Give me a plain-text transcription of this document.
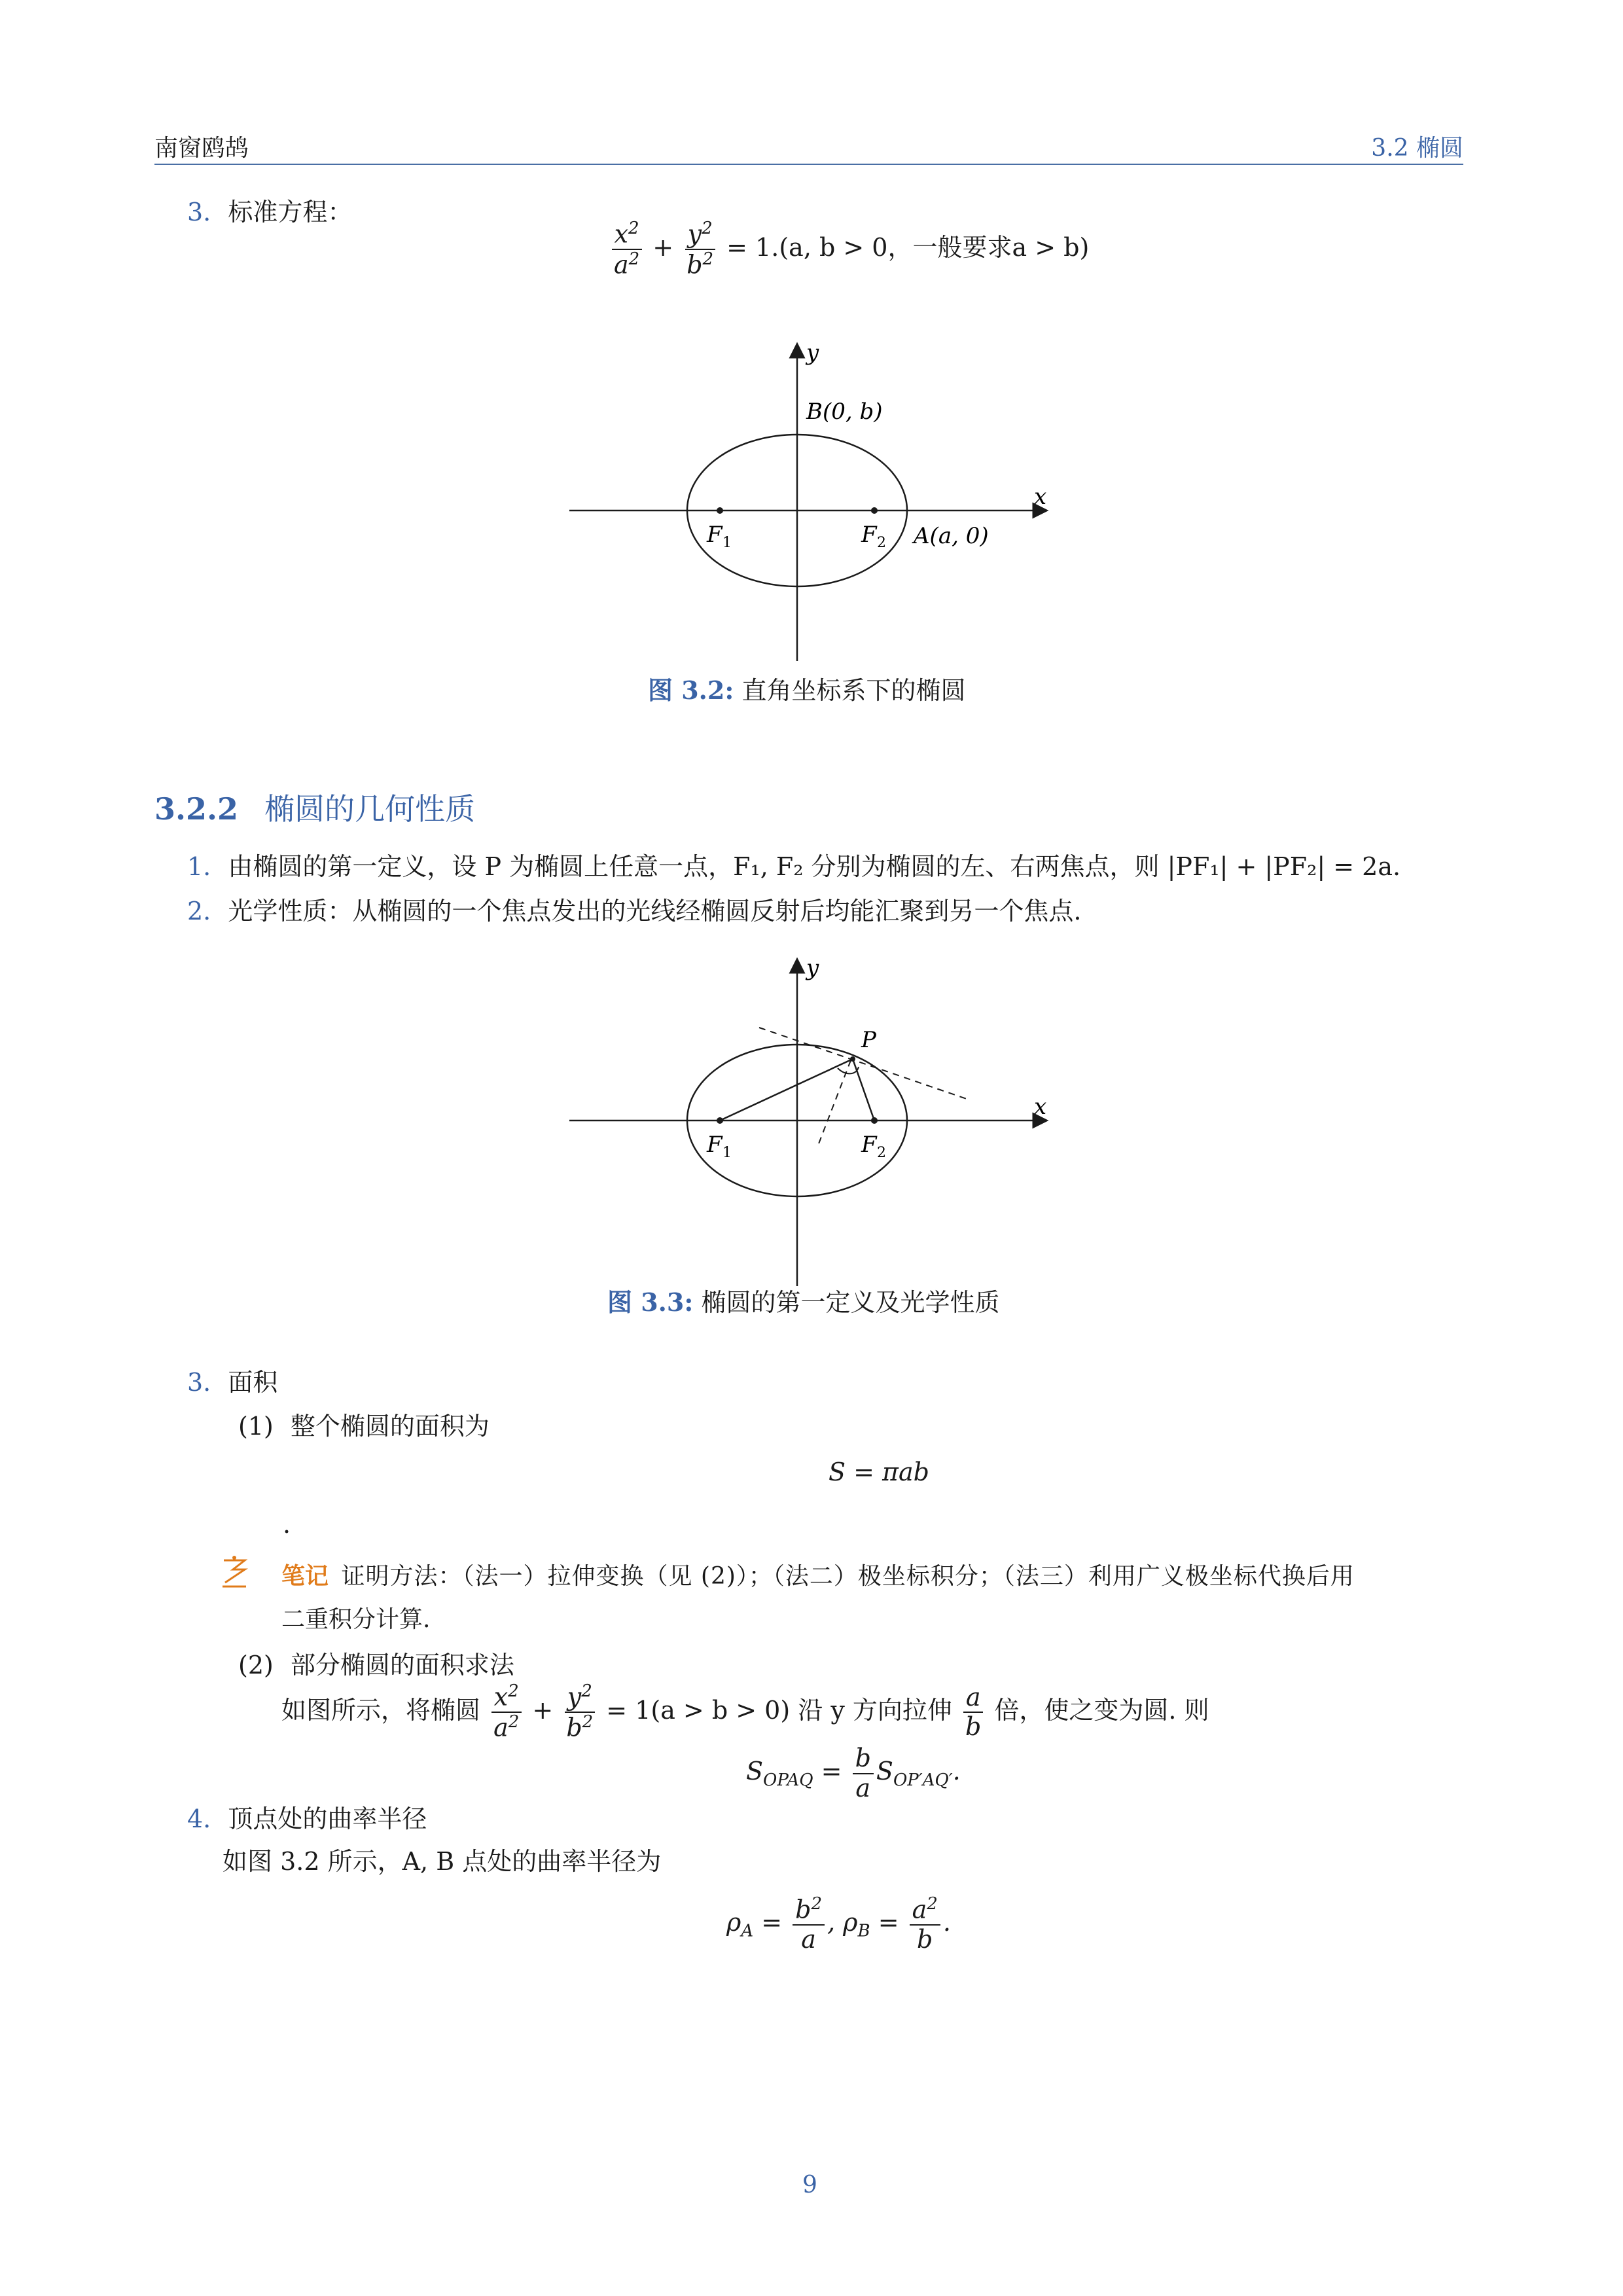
南窗鸥鸪	3.2 椭圆
3. 标准方程：
$\frac{x^2}{a^2} + \frac{y^2}{b^2} = 1.(a$, b > 0，一般要求a > b)
y
x
B(0, b)
F 1	F 2 A(a, 0)
图 3.2: 直角坐标系下的椭圆
3.2.2 椭圆的几何性质
1. 由椭圆的第一定义，设 P 为椭圆上任意一点，F₁, F₂ 分别为椭圆的左、右两焦点，则 |PF₁| + |PF₂| = 2a.
2. 光学性质：从椭圆的一个焦点发出的光线经椭圆反射后均能汇聚到另一个焦点.
y
x
P
F 1	F 2
图 3.3: 椭圆的第一定义及光学性质
3. 面积
(1) 整个椭圆的面积为
S = πab
.
笔记 证明方法：（法一）拉伸变换（见 (2)）；（法二）极坐标积分；（法三）利用广义极坐标代换后用
二重积分计算.
(2) 部分椭圆的面积求法
如图所示，将椭圆 $\frac{x^2}{a^2} + \frac{y^2}{b^2} = 1(a > b > 0)$ 沿 y 方向拉伸 $\frac{a}{b}$ 倍，使之变为圆. 则
$S_{OPAQ} = \frac{b}{a} S_{OP'AQ'}$.
4. 顶点处的曲率半径
如图 3.2 所示，A, B 点处的曲率半径为
$\rho_A = \frac{b^2}{a}$ , $\rho_B = \frac{a^2}{b}$ .
9
